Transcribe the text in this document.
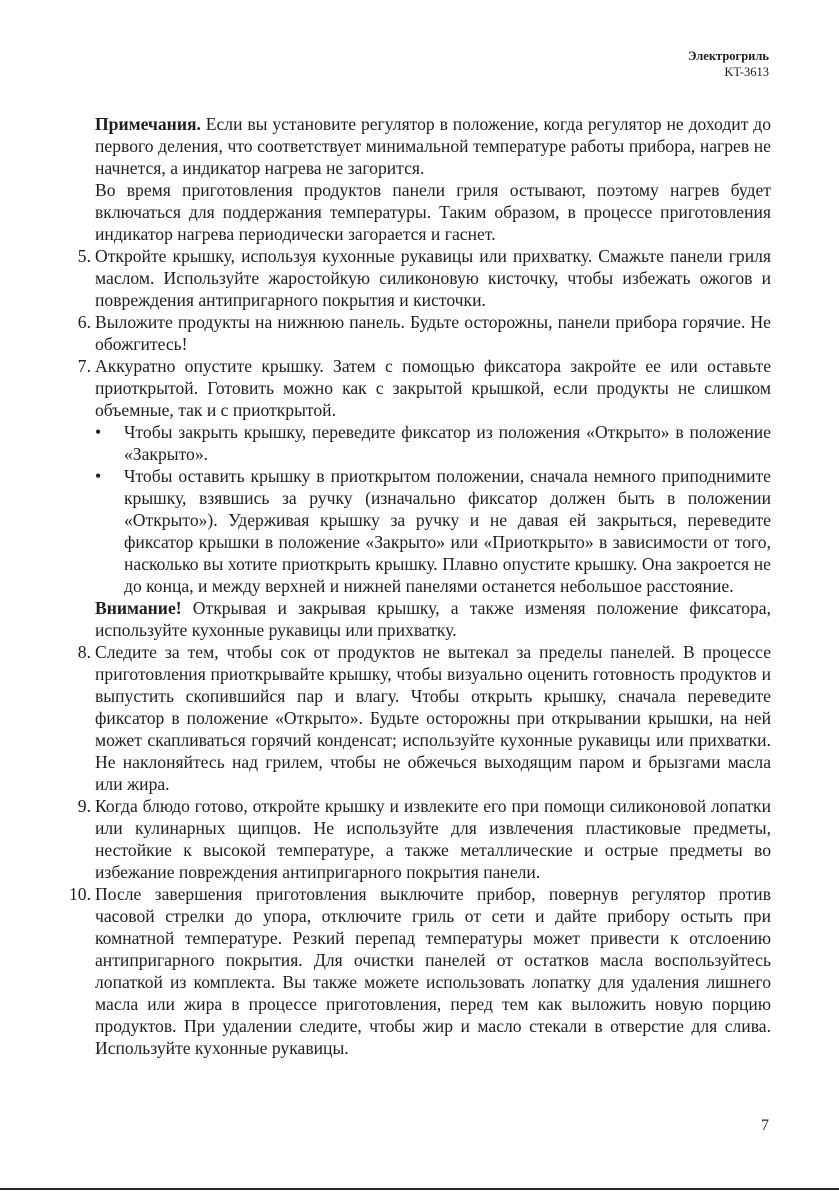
Электрогриль
KT-3613

Примечания. Если вы установите регулятор в положение, когда регулятор не доходит до первого деления, что соответствует минимальной температуре работы прибора, нагрев не начнется, а индикатор нагрева не загорится.

Во время приготовления продуктов панели гриля остывают, поэтому нагрев будет включаться для поддержания температуры. Таким образом, в процессе приготовления индикатор нагрева периодически загорается и гаснет.

5. Откройте крышку, используя кухонные рукавицы или прихватку. Смажьте панели гриля маслом. Используйте жаростойкую силиконовую кисточку, чтобы избежать ожогов и повреждения антипригарного покрытия и кисточки.
6. Выложите продукты на нижнюю панель. Будьте осторожны, панели прибора горячие. Не обожгитесь!
7. Аккуратно опустите крышку. Затем с помощью фиксатора закройте ее или оставьте приоткрытой. Готовить можно как с закрытой крышкой, если продукты не слишком объемные, так и с приоткрытой.
• Чтобы закрыть крышку, переведите фиксатор из положения «Открыто» в положение «Закрыто».
• Чтобы оставить крышку в приоткрытом положении, сначала немного приподнимите крышку, взявшись за ручку (изначально фиксатор должен быть в положении «Открыто»). Удерживая крышку за ручку и не давая ей закрыться, переведите фиксатор крышки в положение «Закрыто» или «Приоткрыто» в зависимости от того, насколько вы хотите приоткрыть крышку. Плавно опустите крышку. Она закроется не до конца, и между верхней и нижней панелями останется небольшое расстояние.

Внимание! Открывая и закрывая крышку, а также изменяя положение фиксатора, используйте кухонные рукавицы или прихватку.

8. Следите за тем, чтобы сок от продуктов не вытекал за пределы панелей. В процессе приготовления приоткрывайте крышку, чтобы визуально оценить готовность продуктов и выпустить скопившийся пар и влагу. Чтобы открыть крышку, сначала переведите фиксатор в положение «Открыто». Будьте осторожны при открывании крышки, на ней может скапливаться горячий конденсат; используйте кухонные рукавицы или прихватки. Не наклоняйтесь над грилем, чтобы не обжечься выходящим паром и брызгами масла или жира.
9. Когда блюдо готово, откройте крышку и извлеките его при помощи силиконовой лопатки или кулинарных щипцов. Не используйте для извлечения пластиковые предметы, нестойкие к высокой температуре, а также металлические и острые предметы во избежание повреждения антипригарного покрытия панели.
10. После завершения приготовления выключите прибор, повернув регулятор против часовой стрелки до упора, отключите гриль от сети и дайте прибору остыть при комнатной температуре. Резкий перепад температуры может привести к отслоению антипригарного покрытия. Для очистки панелей от остатков масла воспользуйтесь лопаткой из комплекта. Вы также можете использовать лопатку для удаления лишнего масла или жира в процессе приготовления, перед тем как выложить новую порцию продуктов. При удалении следите, чтобы жир и масло стекали в отверстие для слива. Используйте кухонные рукавицы.
7
